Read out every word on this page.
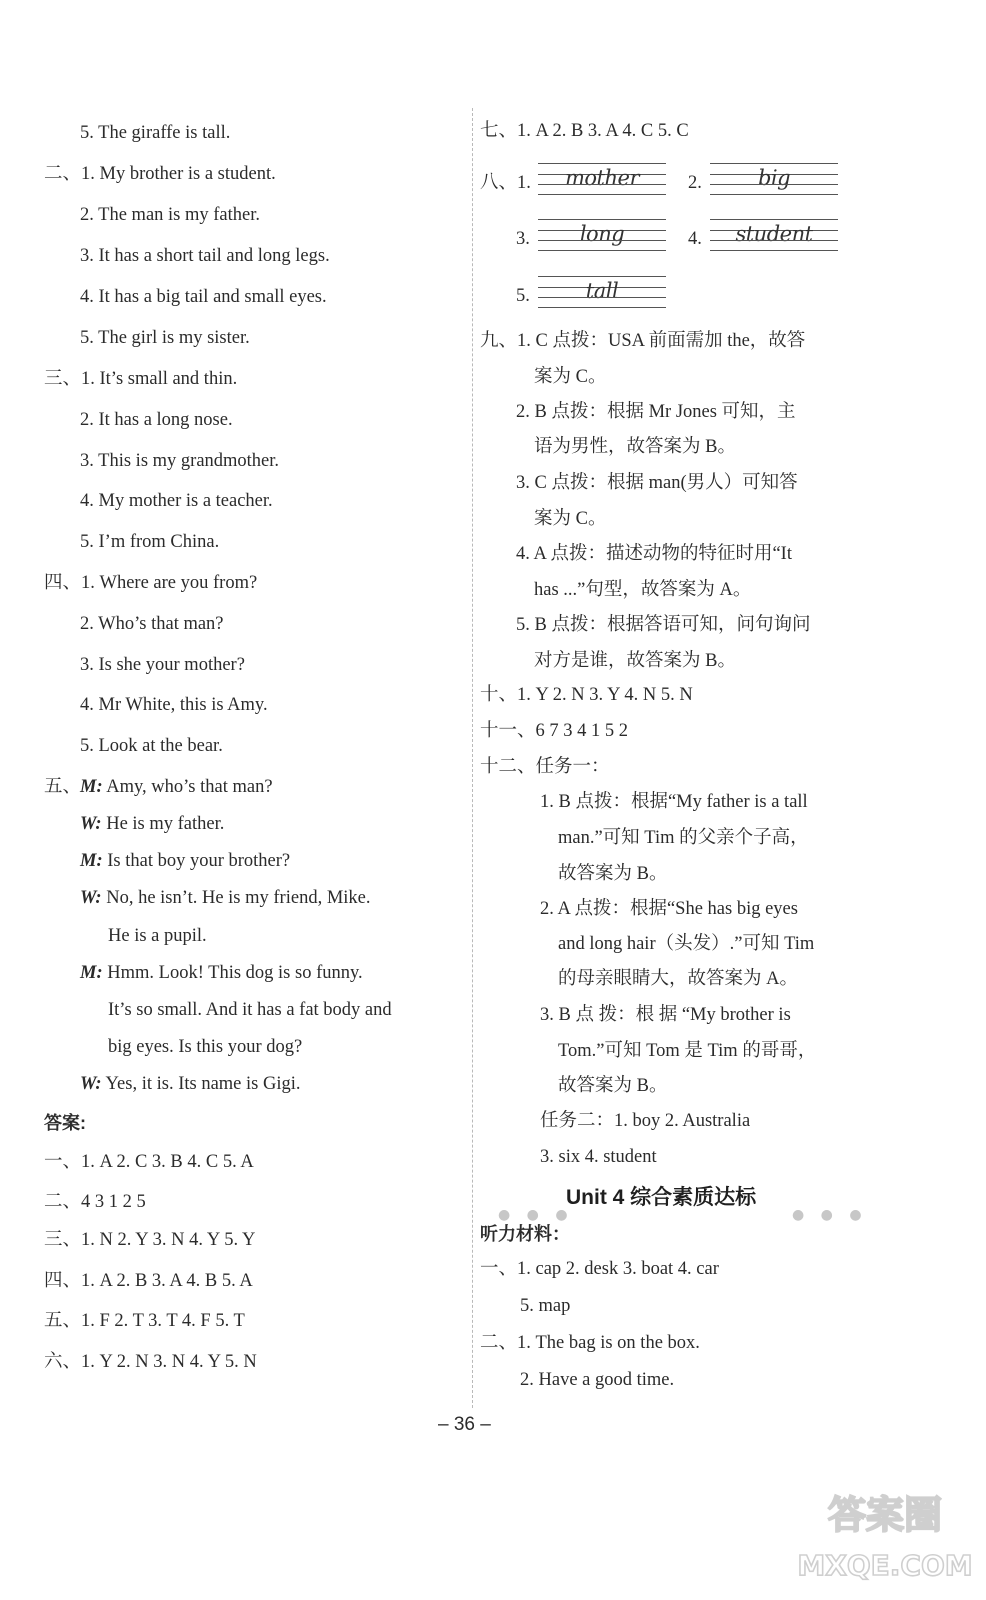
5. The giraffe is tall.
二、1. My brother is a student.
2. The man is my father.
3. It has a short tail and long legs.
4. It has a big tail and small eyes.
5. The girl is my sister.
三、1. It’s small and thin.
2. It has a long nose.
3. This is my grandmother.
4. My mother is a teacher.
5. I’m from China.
四、1. Where are you from?
2. Who’s that man?
3. Is she your mother?
4. Mr White, this is Amy.
5. Look at the bear.
五、
M: Amy, who’s that man?
W: He is my father.
M: Is that boy your brother?
W: No, he isn’t. He is my friend, Mike.
He is a pupil.
M: Hmm. Look! This dog is so funny.
It’s so small. And it has a fat body and
big eyes. Is this your dog?
W: Yes, it is. Its name is Gigi.
答案:
一、1. A 2. C 3. B 4. C 5. A
二、4 3 1 2 5
三、1. N 2. Y 3. N 4. Y 5. Y
四、1. A 2. B 3. A 4. B 5. A
五、1. F 2. T 3. T 4. F 5. T
六、1. Y 2. N 3. N 4. Y 5. N
七、1. A 2. B 3. A 4. C 5. C
八、1.	mother	2.	big
3.	long	4.	student
5.	tall
九、1. C 点拨：USA 前面需加 the，故答
案为 C。
2. B 点拨：根据 Mr Jones 可知，主
语为男性，故答案为 B。
3. C 点拨：根据 man(男人）可知答
案为 C。
4. A 点拨：描述动物的特征时用“It
has ...”句型，故答案为 A。
5. B 点拨：根据答语可知，问句询问
对方是谁，故答案为 B。
十、1. Y 2. N 3. Y 4. N 5. N
十一、6 7 3 4 1 5 2
十二、任务一：
1. B 点拨：根据“My father is a tall
man.”可知 Tim 的父亲个子高，
故答案为 B。
2. A 点拨：根据“She has big eyes
and long hair（头发）.”可知 Tim
的母亲眼睛大，故答案为 A。
3. B 点 拨：根 据 “My brother is
Tom.”可知 Tom 是 Tim 的哥哥，
故答案为 B。
任务二：1. boy 2. Australia
3. six 4. student
● ● ●
Unit 4 综合素质达标
● ● ●
听力材料：
一、1. cap 2. desk 3. boat 4. car
5. map
二、1. The bag is on the box.
2. Have a good time.
– 36 –
答案圈
MXQE.COM
